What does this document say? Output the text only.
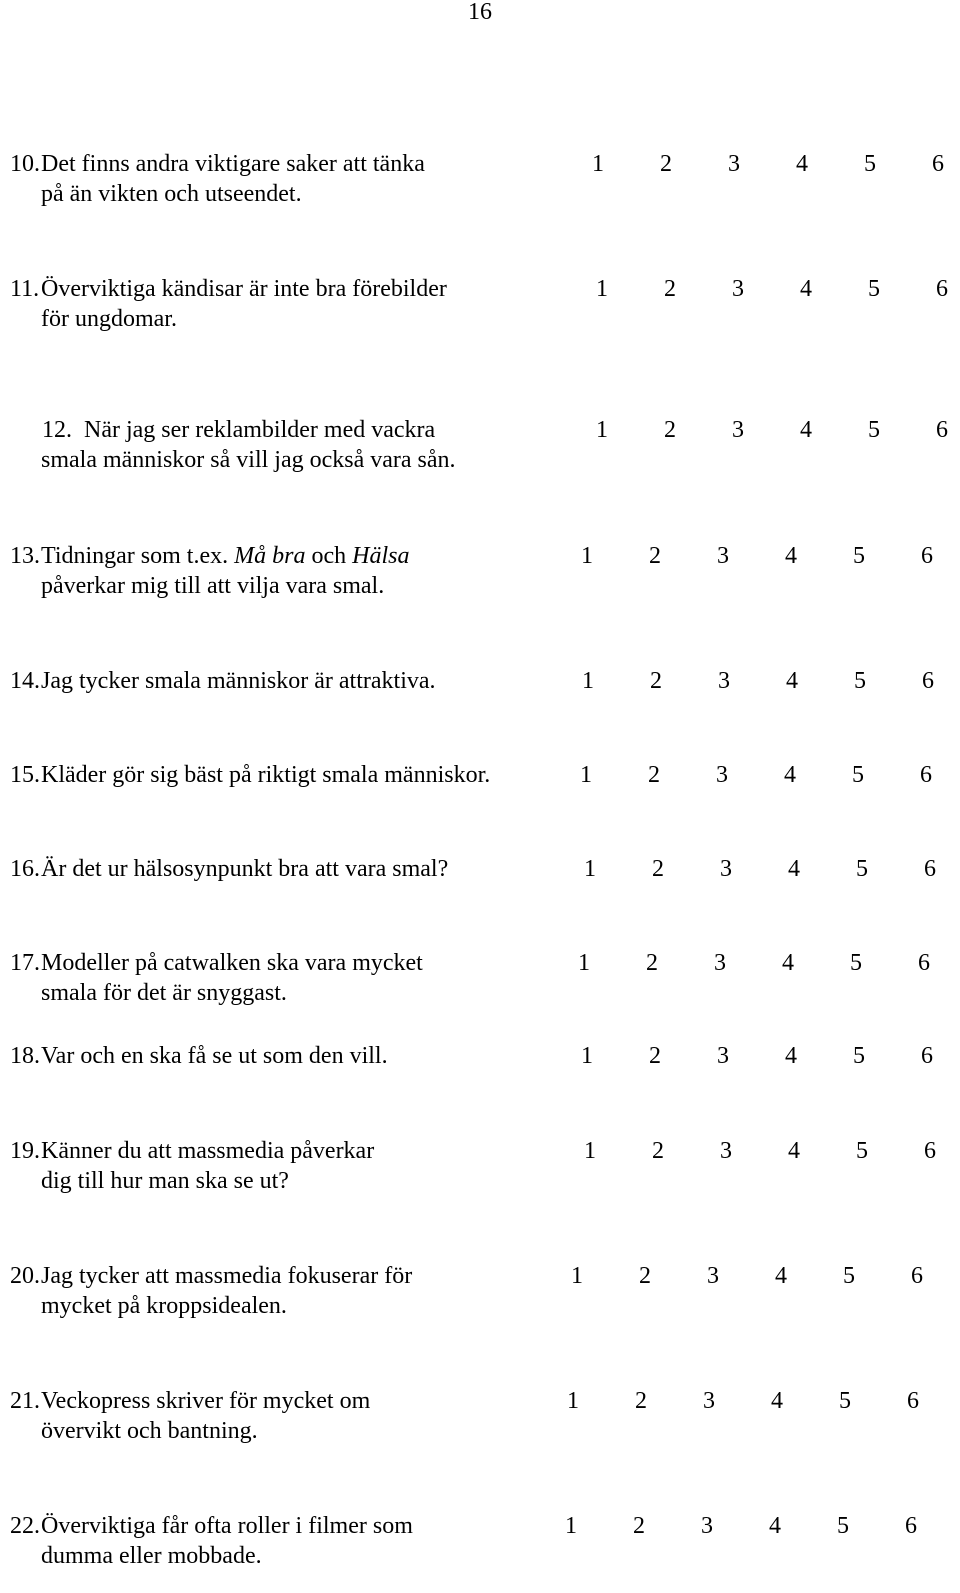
16
10. Det finns andra viktigare saker att tänka
på än vikten och utseendet.
1 2 3 4 5 6
11. Överviktiga kändisar är inte bra förebilder
för ungdomar.
1 2 3 4 5 6
12. När jag ser reklambilder med vackra
smala människor så vill jag också vara sån.
1 2 3 4 5 6
13. Tidningar som t.ex. Må bra och Hälsa
påverkar mig till att vilja vara smal.
1 2 3 4 5 6
14. Jag tycker smala människor är attraktiva.	1 2 3 4 5 6
15. Kläder gör sig bäst på riktigt smala människor.	1 2 3 4 5 6
16. Är det ur hälsosynpunkt bra att vara smal?	1 2 3 4 5 6
17. Modeller på catwalken ska vara mycket
smala för det är snyggast.
1 2 3 4 5 6
18. Var och en ska få se ut som den vill.	1 2 3 4 5 6
19. Känner du att massmedia påverkar
dig till hur man ska se ut?
1 2 3 4 5 6
20. Jag tycker att massmedia fokuserar för
mycket på kroppsidealen.
1 2 3 4 5 6
21. Veckopress skriver för mycket om
övervikt och bantning.
1 2 3 4 5 6
22. Överviktiga får ofta roller i filmer som
dumma eller mobbade.
1 2 3 4 5 6
